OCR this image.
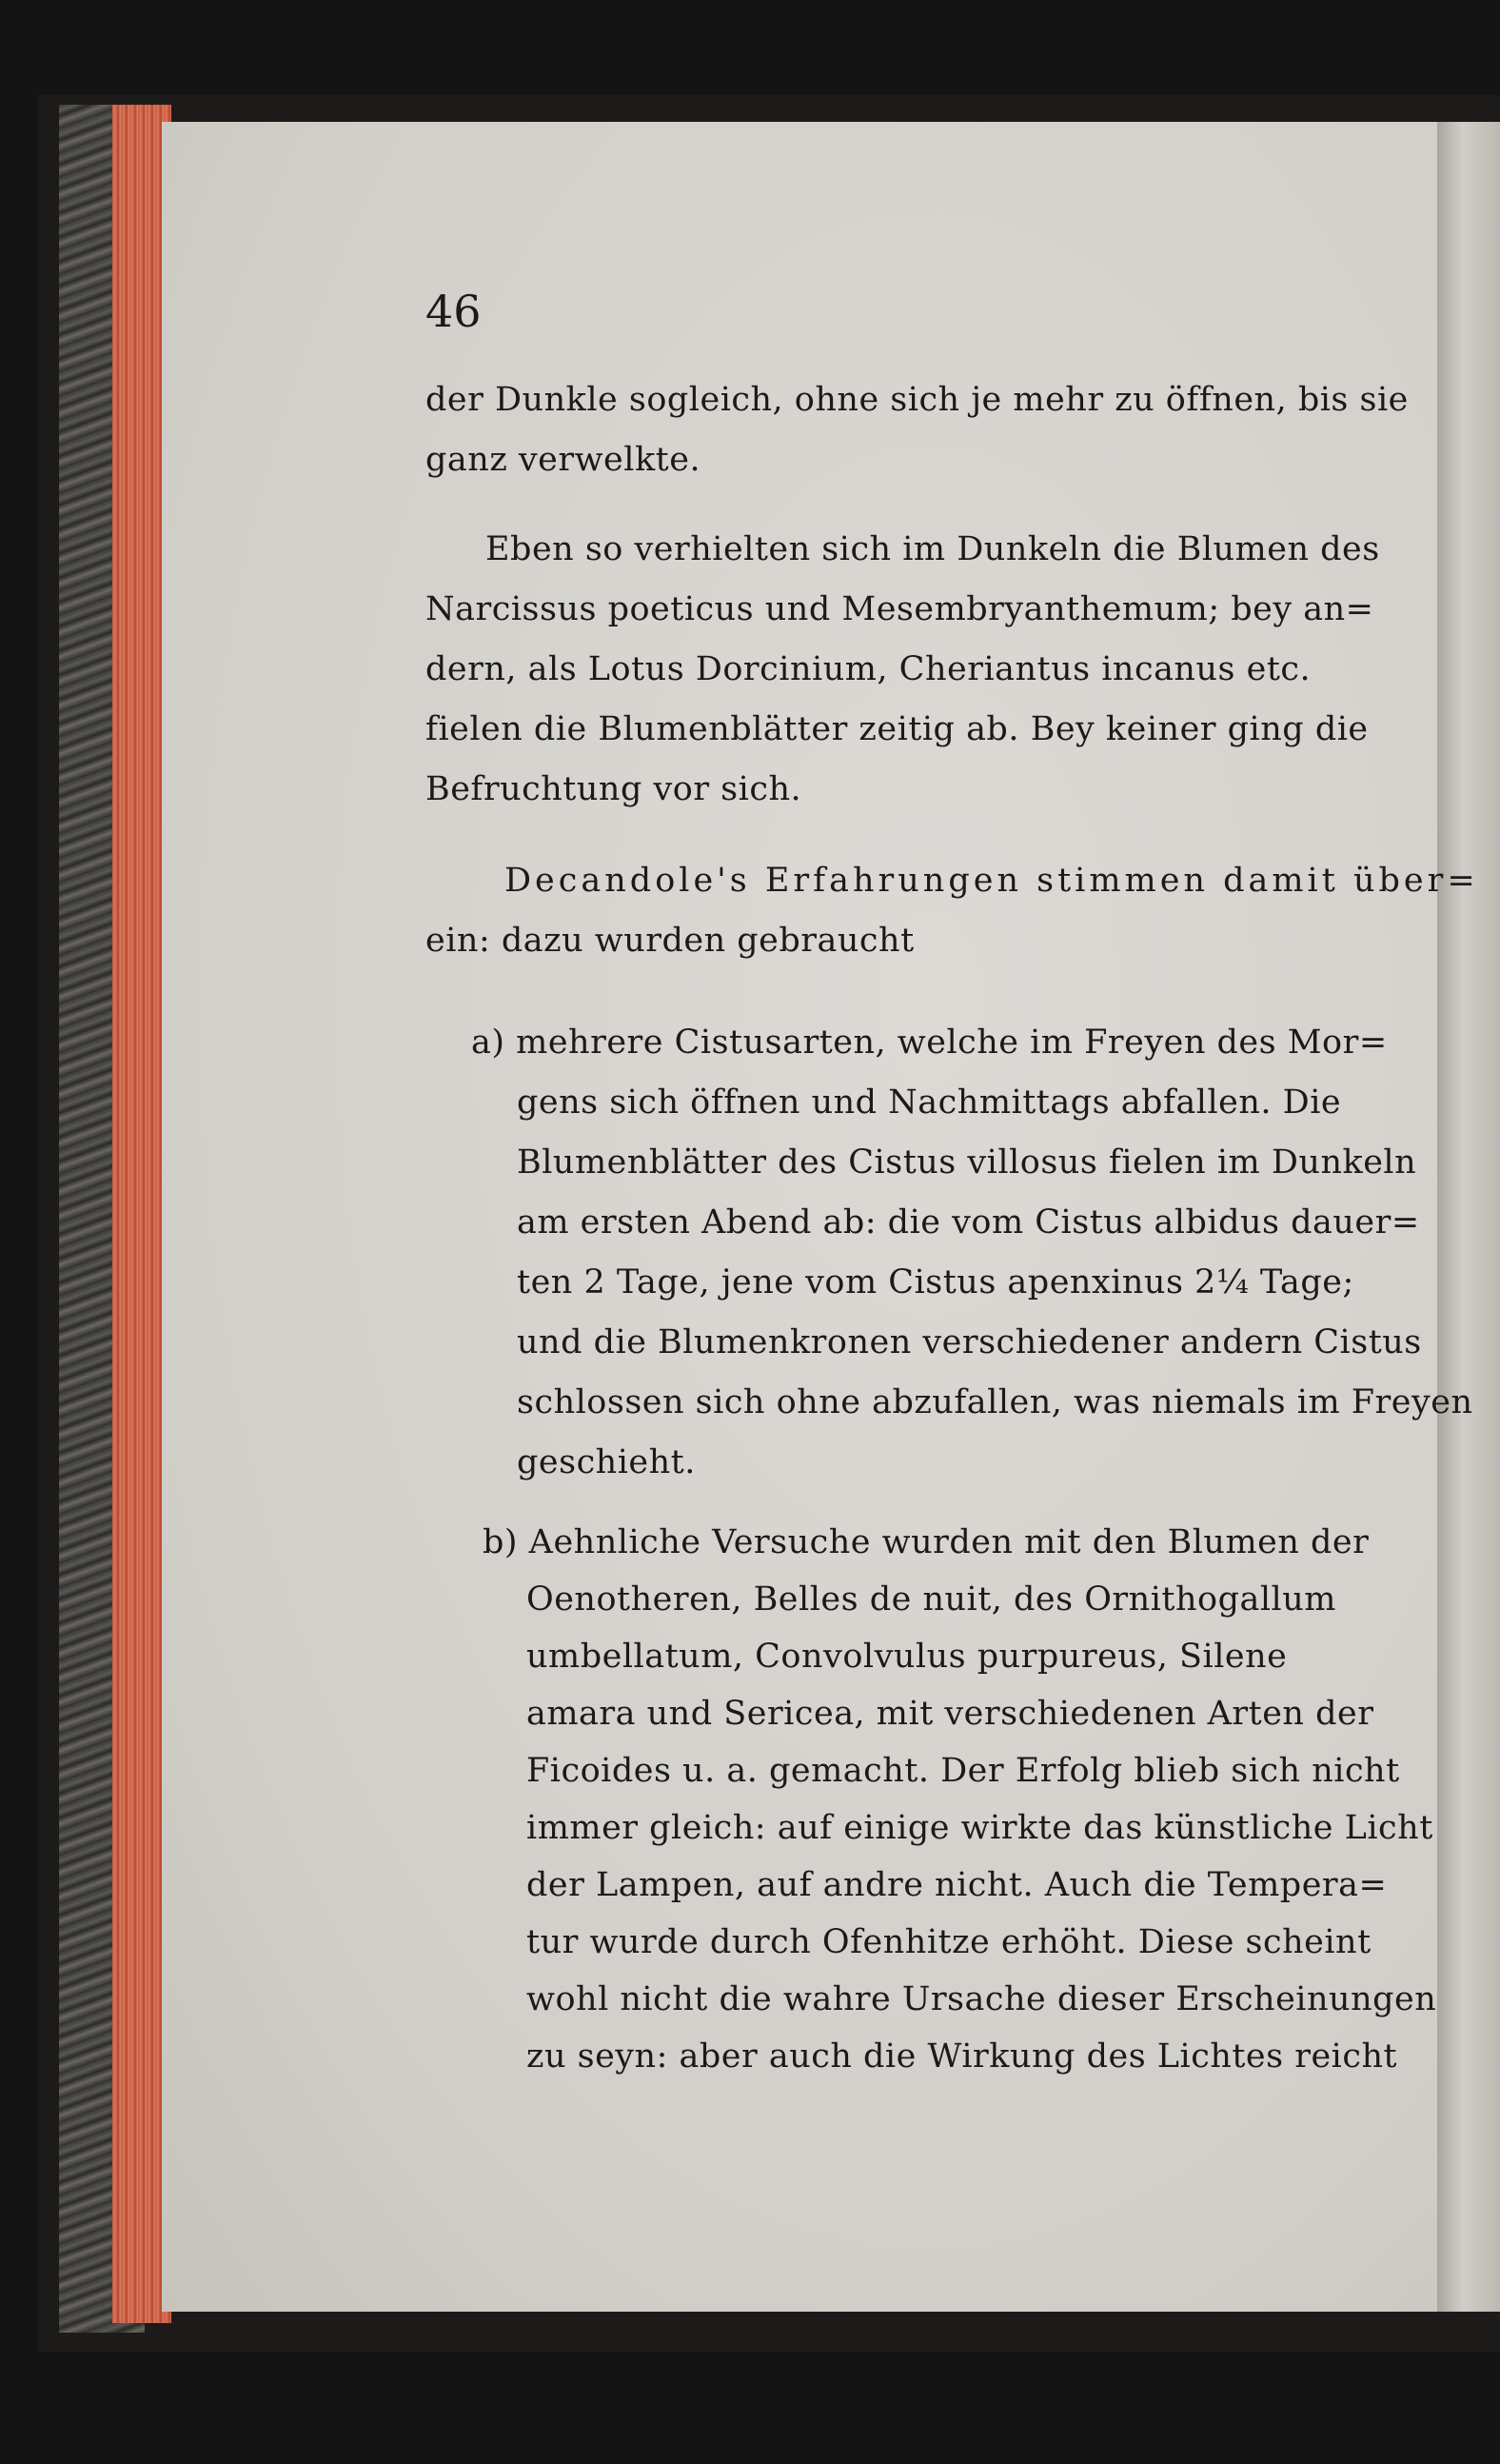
46
der Dunkle sogleich, ohne sich je mehr zu öffnen, bis sie
ganz verwelkte.
Eben so verhielten sich im Dunkeln die Blumen des
Narcissus poeticus und Mesembryanthemum; bey an=
dern, als Lotus Dorcinium, Cheriantus incanus etc.
fielen die Blumenblätter zeitig ab. Bey keiner ging die
Befruchtung vor sich.
Decandole's Erfahrungen stimmen damit über=
ein: dazu wurden gebraucht
a) mehrere Cistusarten, welche im Freyen des Mor=
gens sich öffnen und Nachmittags abfallen. Die
Blumenblätter des Cistus villosus fielen im Dunkeln
am ersten Abend ab: die vom Cistus albidus dauer=
ten 2 Tage, jene vom Cistus apenxinus 2¼ Tage;
und die Blumenkronen verschiedener andern Cistus
schlossen sich ohne abzufallen, was niemals im Freyen
geschieht.
b) Aehnliche Versuche wurden mit den Blumen der
Oenotheren, Belles de nuit, des Ornithogallum
umbellatum, Convolvulus purpureus, Silene
amara und Sericea, mit verschiedenen Arten der
Ficoides u. a. gemacht. Der Erfolg blieb sich nicht
immer gleich: auf einige wirkte das künstliche Licht
der Lampen, auf andre nicht. Auch die Tempera=
tur wurde durch Ofenhitze erhöht. Diese scheint
wohl nicht die wahre Ursache dieser Erscheinungen
zu seyn: aber auch die Wirkung des Lichtes reicht
